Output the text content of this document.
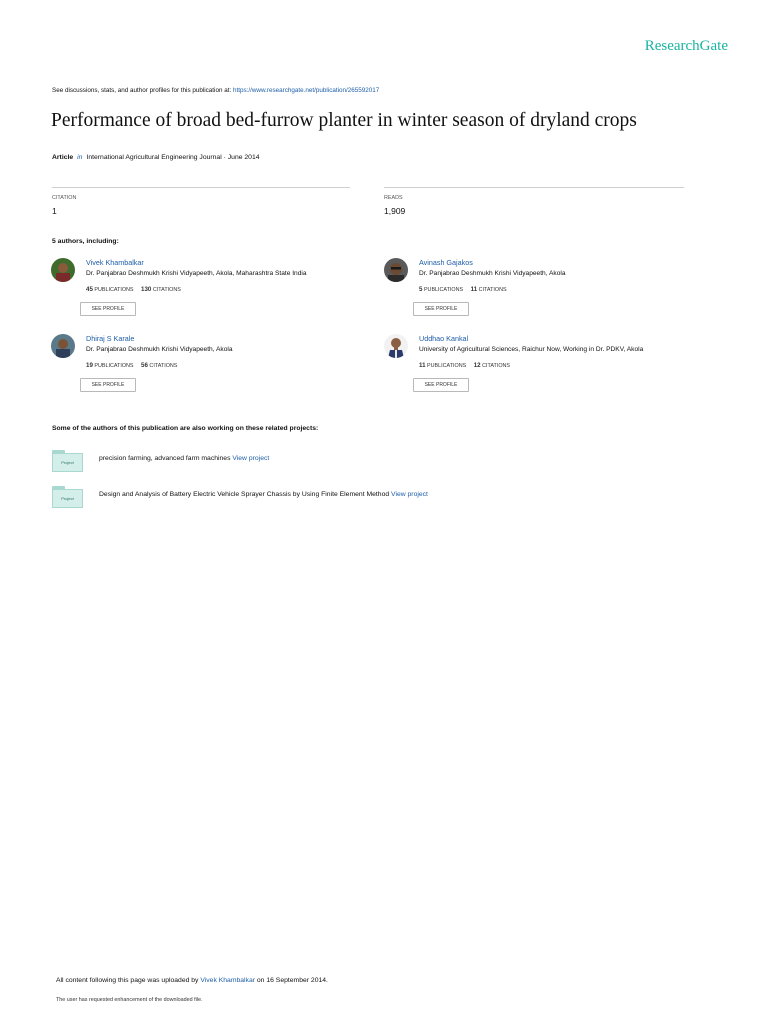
ResearchGate
See discussions, stats, and author profiles for this publication at: https://www.researchgate.net/publication/265592017
Performance of broad bed-furrow planter in winter season of dryland crops
Article in International Agricultural Engineering Journal · June 2014
CITATION
1
READS
1,909
5 authors, including:
Vivek Khambalkar
Dr. Panjabrao Deshmukh Krishi Vidyapeeth, Akola, Maharashtra State India
45 PUBLICATIONS 130 CITATIONS
SEE PROFILE
Avinash Gajakos
Dr. Panjabrao Deshmukh Krishi Vidyapeeth, Akola
5 PUBLICATIONS 11 CITATIONS
SEE PROFILE
Dhiraj S Karale
Dr. Panjabrao Deshmukh Krishi Vidyapeeth, Akola
19 PUBLICATIONS 56 CITATIONS
SEE PROFILE
Uddhao Kankal
University of Agricultural Sciences, Raichur Now, Working in Dr. PDKV, Akola
11 PUBLICATIONS 12 CITATIONS
SEE PROFILE
Some of the authors of this publication are also working on these related projects:
Project
precision farming, advanced farm machines View project
Project
Design and Analysis of Battery Electric Vehicle Sprayer Chassis by Using Finite Element Method View project
All content following this page was uploaded by Vivek Khambalkar on 16 September 2014.
The user has requested enhancement of the downloaded file.
